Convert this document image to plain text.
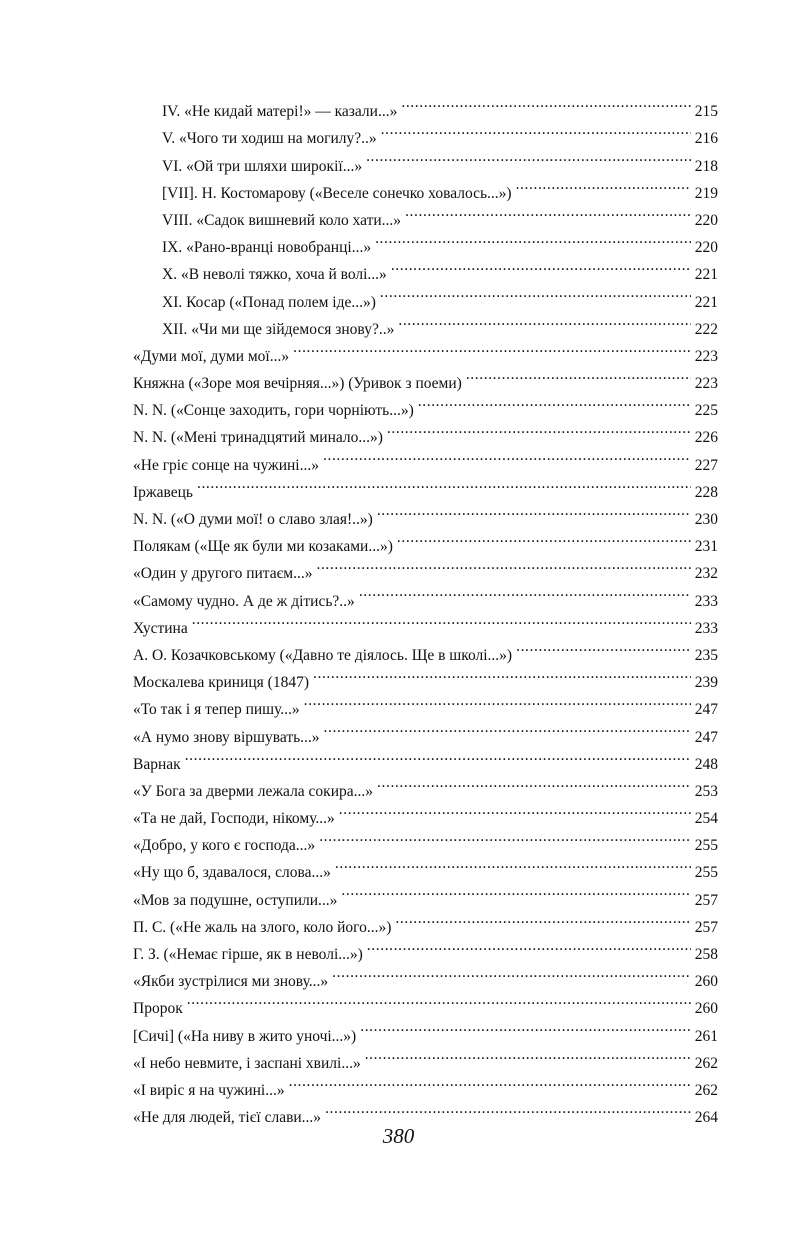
IV. «Не кидай матері!» — казали...» .....	215
V. «Чого ти ходиш на могилу?..» .....	216
VI. «Ой три шляхи широкії...» .....	218
[VII]. Н. Костомарову («Веселе сонечко ховалось...») .....	219
VIII. «Садок вишневий коло хати...» .....	220
IX. «Рано-вранці новобранці...» .....	220
X. «В неволі тяжко, хоча й волі...» .....	221
XI. Косар («Понад полем іде...») .....	221
XII. «Чи ми ще зійдемося знову?..» .....	222
«Думи мої, думи мої...» .....	223
Княжна («Зоре моя вечірняя...») (Уривок з поеми) .....	223
N. N. («Сонце заходить, гори чорніють...») .....	225
N. N. («Мені тринадцятий минало...») .....	226
«Не гріє сонце на чужині...» .....	227
Іржавець .....	228
N. N. («О думи мої! о славо злая!..») .....	230
Полякам («Ще як були ми козаками...») .....	231
«Один у другого питаєм...» .....	232
«Самому чудно. А де ж дітись?..» .....	233
Хустина .....	233
А. О. Козачковському («Давно те діялось. Ще в школі...») .....	235
Москалева криниця (1847) .....	239
«То так і я тепер пишу...» .....	247
«А нумо знову віршувать...» .....	247
Варнак .....	248
«У Бога за дверми лежала сокира...» .....	253
«Та не дай, Господи, нікому...» .....	254
«Добро, у кого є господа...» .....	255
«Ну що б, здавалося, слова...» .....	255
«Мов за подушне, оступили...» .....	257
П. С. («Не жаль на злого, коло його...») .....	257
Г. З. («Немає гірше, як в неволі...») .....	258
«Якби зустрілися ми знову...» .....	260
Пророк .....	260
[Сичі] («На ниву в жито уночі...») .....	261
«І небо невмите, і заспані хвилі...» .....	262
«І виріс я на чужині...» .....	262
«Не для людей, тієї слави...» .....	264
380
